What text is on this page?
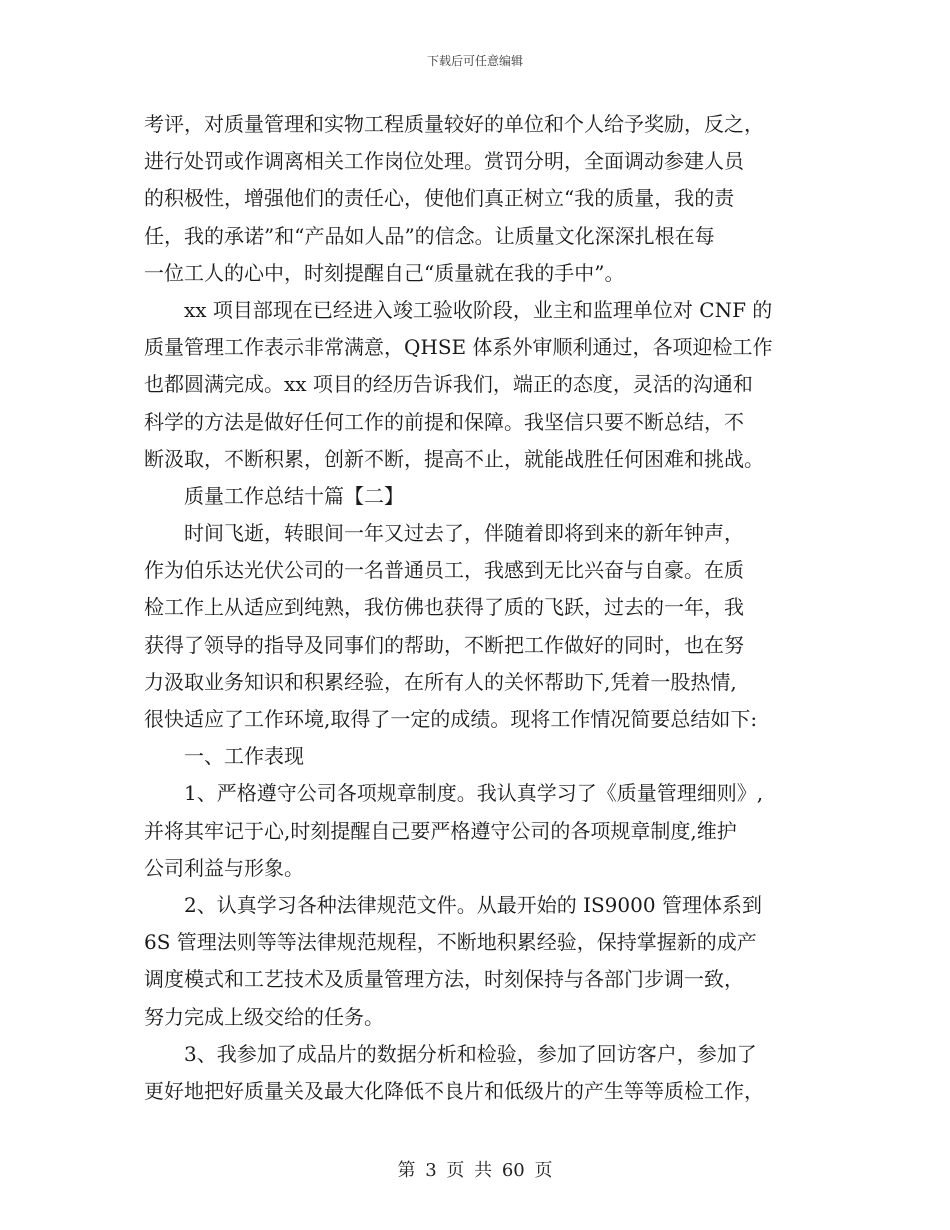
下载后可任意编辑
考评，对质量管理和实物工程质量较好的单位和个人给予奖励，反之，
进行处罚或作调离相关工作岗位处理。赏罚分明，全面调动参建人员
的积极性，增强他们的责任心，使他们真正树立“我的质量，我的责
任，我的承诺”和“产品如人品”的信念。让质量文化深深扎根在每
一位工人的心中，时刻提醒自己“质量就在我的手中”。
xx 项目部现在已经进入竣工验收阶段，业主和监理单位对 CNF 的
质量管理工作表示非常满意，QHSE 体系外审顺利通过，各项迎检工作
也都圆满完成。xx 项目的经历告诉我们，端正的态度，灵活的沟通和
科学的方法是做好任何工作的前提和保障。我坚信只要不断总结，不
断汲取，不断积累，创新不断，提高不止，就能战胜任何困难和挑战。
质量工作总结十篇【二】
时间飞逝，转眼间一年又过去了，伴随着即将到来的新年钟声，
作为伯乐达光伏公司的一名普通员工，我感到无比兴奋与自豪。在质
检工作上从适应到纯熟，我仿佛也获得了质的飞跃，过去的一年，我
获得了领导的指导及同事们的帮助，不断把工作做好的同时，也在努
力汲取业务知识和积累经验，在所有人的关怀帮助下,凭着一股热情,
很快适应了工作环境,取得了一定的成绩。现将工作情况简要总结如下:
一、工作表现
1、严格遵守公司各项规章制度。我认真学习了《质量管理细则》,
并将其牢记于心,时刻提醒自己要严格遵守公司的各项规章制度,维护
公司利益与形象。
2、认真学习各种法律规范文件。从最开始的 IS9000 管理体系到
6S 管理法则等等法律规范规程，不断地积累经验，保持掌握新的成产
调度模式和工艺技术及质量管理方法，时刻保持与各部门步调一致，
努力完成上级交给的任务。
3、我参加了成品片的数据分析和检验，参加了回访客户，参加了
更好地把好质量关及最大化降低不良片和低级片的产生等等质检工作，
第 3 页 共 60 页
